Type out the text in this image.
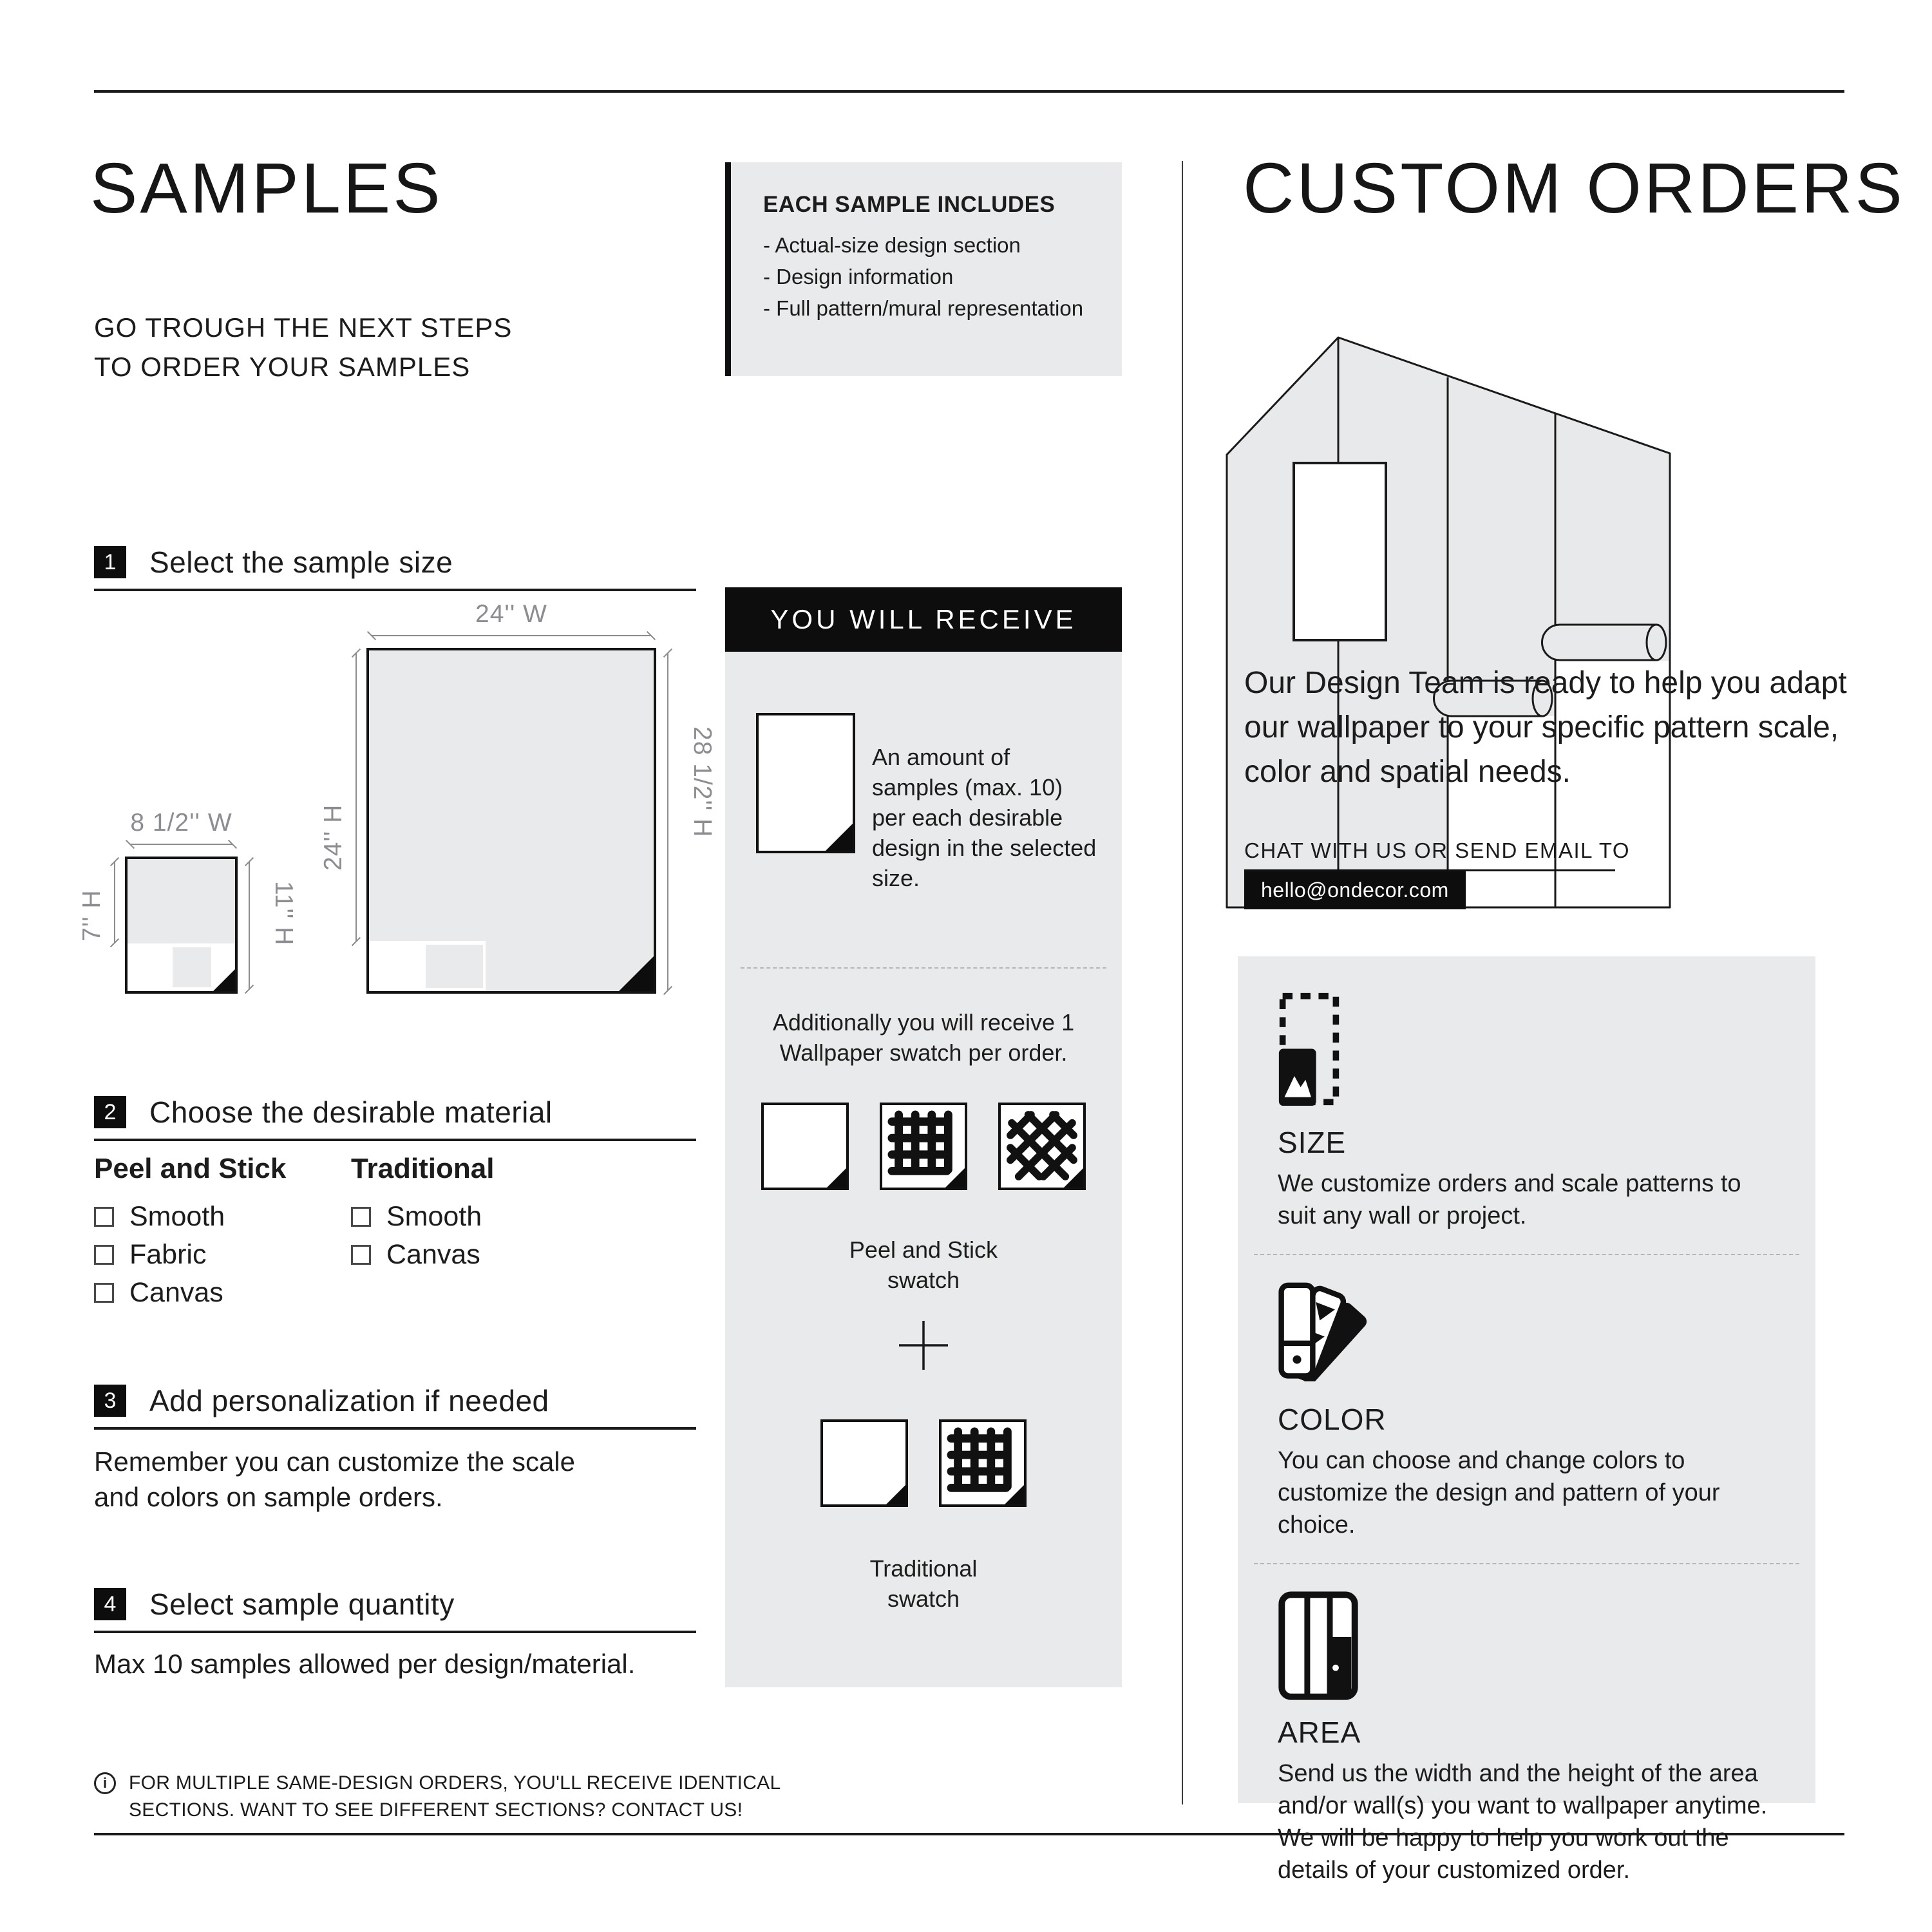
SAMPLES
GO TROUGH THE NEXT STEPS
TO ORDER YOUR SAMPLES
1	Select the sample size
24'' W
24'' H
28 1/2'' H
8 1/2'' W
7'' H	11'' H
2	Choose the desirable material
Peel and Stick
Smooth
Fabric
Canvas
Traditional
Smooth
Canvas
3	Add personalization if needed
Remember you can customize the scale and colors on sample orders.
4	Select sample quantity
Max 10 samples allowed per design/material.
i	FOR MULTIPLE SAME-DESIGN ORDERS, YOU'LL RECEIVE IDENTICAL SECTIONS. WANT TO SEE DIFFERENT SECTIONS? CONTACT US!
EACH SAMPLE INCLUDES
- Actual-size design section
- Design information
- Full pattern/mural representation
YOU WILL RECEIVE
An amount of samples (max. 10) per each desirable design in the selected size.
Additionally you will receive 1 Wallpaper swatch per order.
Peel and Stick swatch
Traditional swatch
CUSTOM ORDERS
Our Design Team is ready to help you adapt our wallpaper to your specific pattern scale, color and spatial needs.
CHAT WITH US OR SEND EMAIL TO
hello@ondecor.com
SIZE
We customize orders and scale patterns to suit any wall or project.
COLOR
You can choose and change colors to customize the design and pattern of your choice.
AREA
Send us the width and the height of the area and/or wall(s) you want to wallpaper anytime. We will be happy to help you work out the details of your customized order.
